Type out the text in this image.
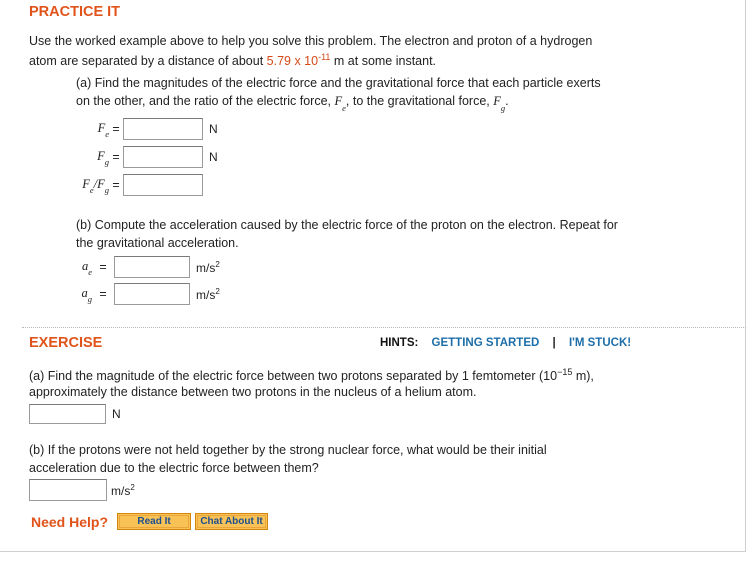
PRACTICE IT
Use the worked example above to help you solve this problem. The electron and proton of a hydrogen
atom are separated by a distance of about 5.79 x $10^{-11}$ m at some instant.
(a) Find the magnitudes of the electric force and the gravitational force that each particle exerts
on the other, and the ratio of the electric force, $F_e$, to the gravitational force, $F_g$.
$F_e$ =	N
$F_g$ =	N
$F_e/F_g$ =
(b) Compute the acceleration caused by the electric force of the proton on the electron. Repeat for
the gravitational acceleration.
$a_e$ =	$m/s^2$
$a_g$ =	$m/s^2$
EXERCISE	HINTS: GETTING STARTED | I'M STUCK!
(a) Find the magnitude of the electric force between two protons separated by 1 femtometer ($10^{-15}$ m),
approximately the distance between two protons in the nucleus of a helium atom.
N
(b) If the protons were not held together by the strong nuclear force, what would be their initial
acceleration due to the electric force between them?
$m/s^2$
Need Help?	Read It	Chat About It
